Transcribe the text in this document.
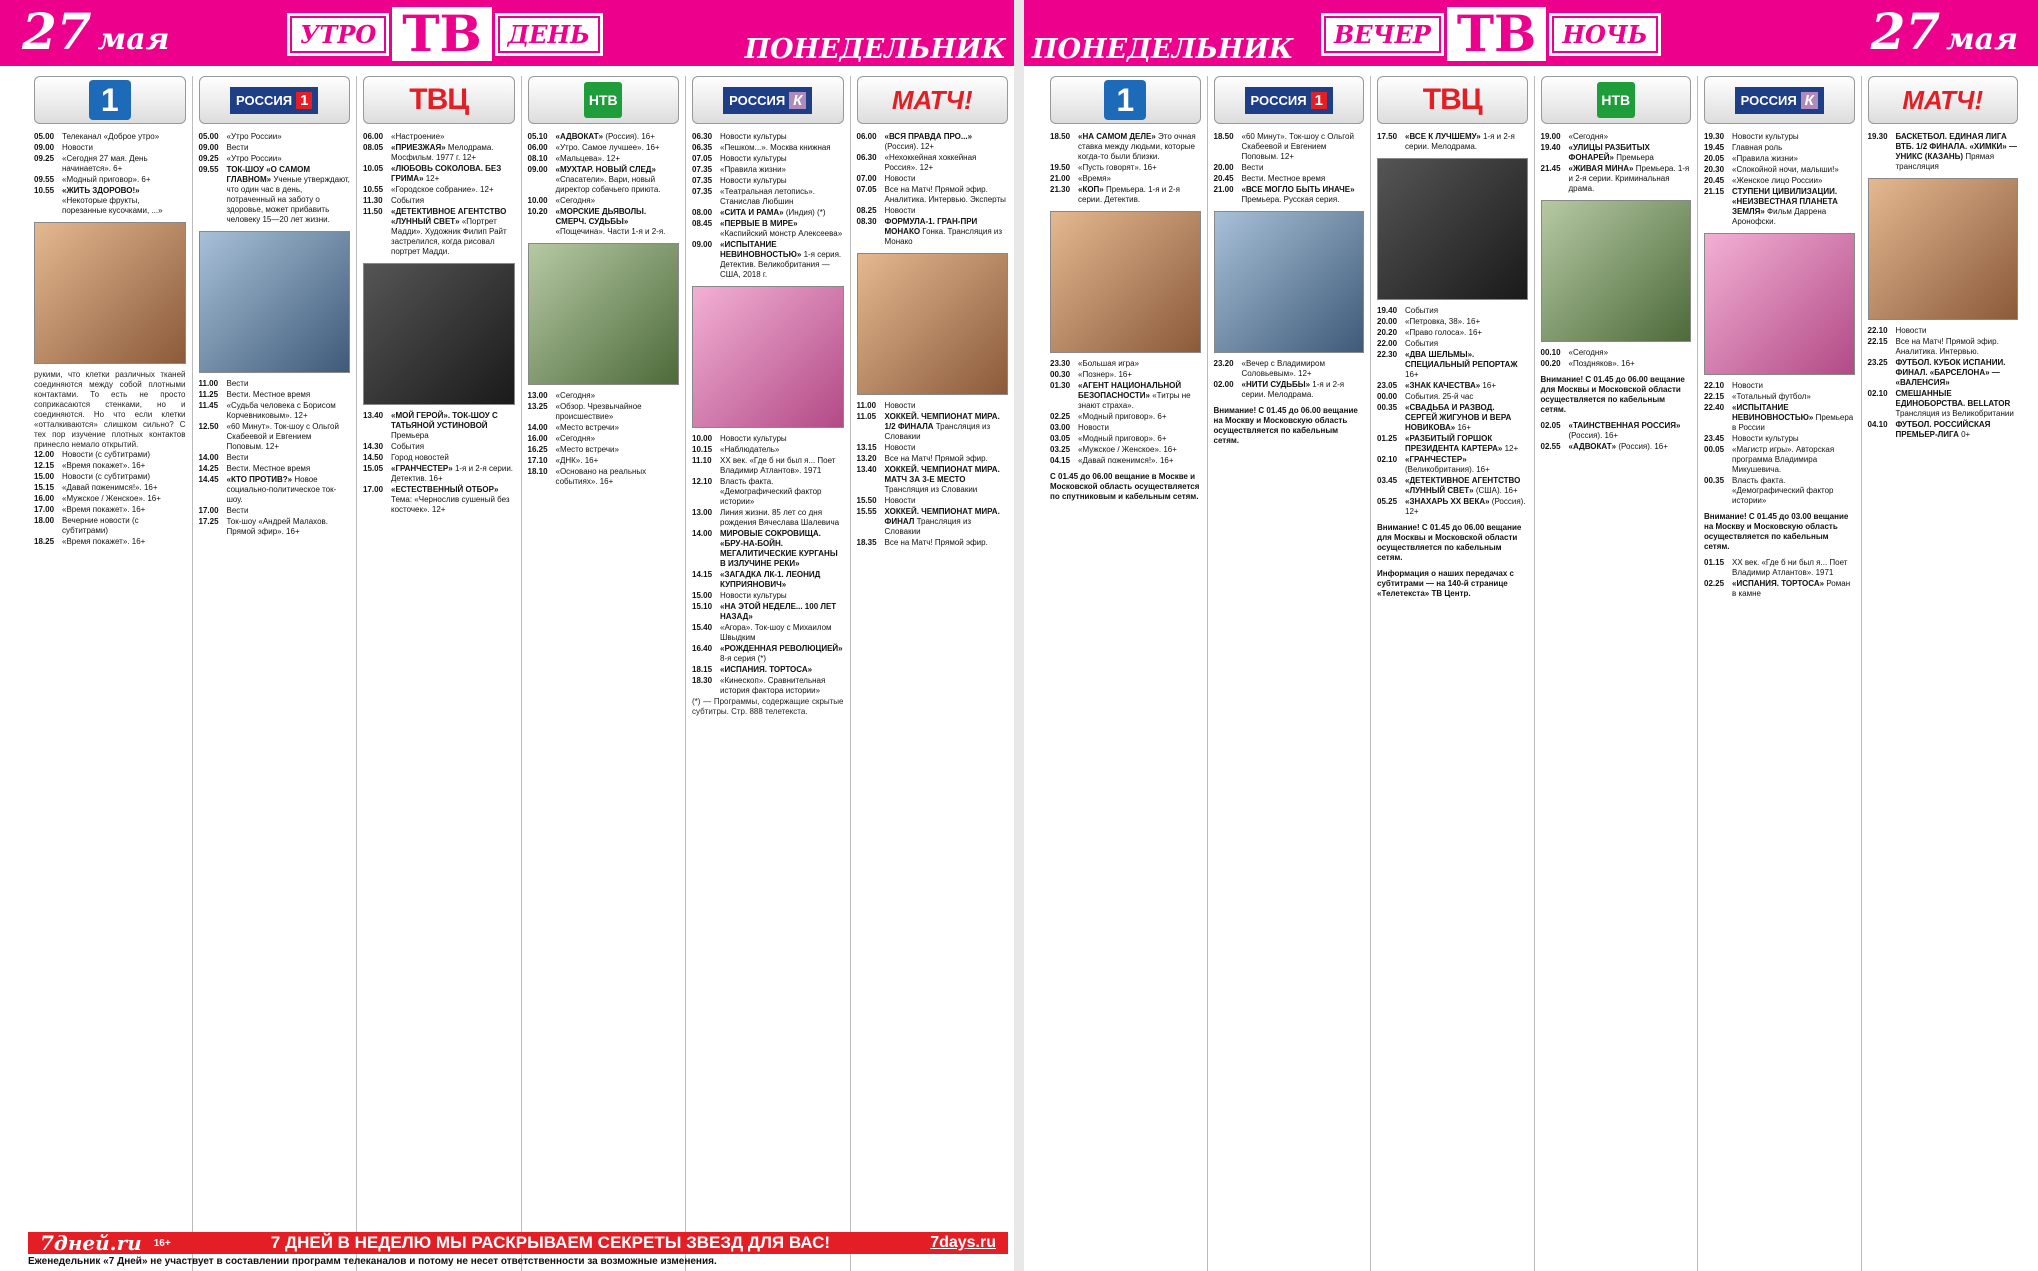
27 мая	УТРО ТВ	ДЕНЬ	ПОНЕДЕЛЬНИК
1
05.00 Телеканал «Доброе утро»
09.00 Новости
09.25 «Сегодня 27 мая. День начинается». 6+
09.55 «Модный приговор». 6+
10.55 «ЖИТЬ ЗДОРОВО!» «Некоторые фрукты, порезанные кусочками, ...»
рукими, что клетки различных тканей соединяются между собой плотными контактами. То есть не просто соприкасаются стенками, но и соединяются. Но что если клетки «отталкиваются» слишком сильно? С тех пор изучение плотных контактов принесло немало открытий.
12.00 Новости (с субтитрами)
12.15 «Время покажет». 16+
15.00 Новости (с субтитрами)
15.15 «Давай поженимся!». 16+
16.00 «Мужское / Женское». 16+
17.00 «Время покажет». 16+
18.00 Вечерние новости (с субтитрами)
18.25 «Время покажет». 16+
РОССИЯ 1
05.00 «Утро России»
09.00 Вести
09.25 «Утро России»
09.55 ТОК-ШОУ «О САМОМ ГЛАВНОМ» Ученые утверждают, что один час в день, потраченный на заботу о здоровье, может прибавить человеку 15—20 лет жизни.
11.00	Вести
11.25	Вести. Местное время
11.45	«Судьба человека с Борисом Корчевниковым». 12+
12.50 «60 Минут». Ток-шоу с Ольгой Скабеевой и Евгением Поповым. 12+
14.00 Вести
14.25 Вести. Местное время
14.45 «КТО ПРОТИВ?» Новое социально-политическое ток-шоу.
17.00 Вести
17.25 Ток-шоу «Андрей Малахов. Прямой эфир». 16+
ТВЦ
06.00 «Настроение»
08.05 «ПРИЕЗЖАЯ» Мелодрама. Мосфильм. 1977 г. 12+
10.05 «ЛЮБОВЬ СОКОЛОВА. БЕЗ ГРИМА» 12+
10.55 «Городское собрание». 12+
11.30	События
11.50	«ДЕТЕКТИВНОЕ АГЕНТСТВО «ЛУННЫЙ СВЕТ» «Портрет Мадди». Художник Филип Райт застрелился, когда рисовал портрет Мадди.
13.40 «МОЙ ГЕРОЙ». ТОК-ШОУ С ТАТЬЯНОЙ УСТИНОВОЙ Премьера
14.30 События
14.50 Город новостей
15.05 «ГРАНЧЕСТЕР» 1-я и 2-я серии. Детектив. 16+
17.00 «ЕСТЕСТВЕННЫЙ ОТБОР» Тема: «Чернослив сушеный без косточек». 12+
НТВ
05.10 «АДВОКАТ» (Россия). 16+
06.00 «Утро. Самое лучшее». 16+
08.10 «Мальцева». 12+
09.00 «МУХТАР. НОВЫЙ СЛЕД» «Спасатели». Вари, новый директор собачьего приюта.
10.00 «Сегодня»
10.20 «МОРСКИЕ ДЬЯВОЛЫ. СМЕРЧ. СУДЬБЫ» «Пощечина». Части 1-я и 2-я.
13.00 «Сегодня»
13.25 «Обзор. Чрезвычайное происшествие»
14.00 «Место встречи»
16.00 «Сегодня»
16.25 «Место встречи»
17.10 «ДНК». 16+
18.10 «Основано на реальных событиях». 16+
РОССИЯ К
06.30 Новости культуры
06.35 «Пешком...». Москва книжная
07.05 Новости культуры
07.35 «Правила жизни»
07.35 Новости культуры
07.35 «Театральная летопись». Станислав Любшин
08.00 «СИТА И РАМА» (Индия) (*)
08.45 «ПЕРВЫЕ В МИРЕ» «Каспийский монстр Алексеева»
09.00 «ИСПЫТАНИЕ НЕВИНОВНОСТЬЮ» 1-я серия. Детектив. Великобритания — США, 2018 г.
10.00 Новости культуры
10.15 «Наблюдатель»
11.10	ХХ век. «Где б ни был я... Поет Владимир Атлантов». 1971
12.10 Власть факта. «Демографический фактор истории»
13.00 Линия жизни. 85 лет со дня рождения Вячеслава Шалевича
14.00 МИРОВЫЕ СОКРОВИЩА. «БРУ-НА-БОЙН. МЕГАЛИТИЧЕСКИЕ КУРГАНЫ В ИЗЛУЧИНЕ РЕКИ»
14.15 «ЗАГАДКА ЛК-1. ЛЕОНИД КУПРИЯНОВИЧ»
15.00 Новости культуры
15.10 «НА ЭТОЙ НЕДЕЛЕ... 100 ЛЕТ НАЗАД»
15.40 «Агора». Ток-шоу с Михаилом Швыдким
16.40 «РОЖДЕННАЯ РЕВОЛЮЦИЕЙ» 8-я серия (*)
18.15 «ИСПАНИЯ. ТОРТОСА»
18.30 «Кинескоп». Сравнительная история фактора истории»
(*) — Программы, содержащие скрытые субтитры. Стр. 888 телетекста.
МАТЧ!
06.00 «ВСЯ ПРАВДА ПРО...» (Россия). 12+
06.30 «Нехоккейная хоккейная Россия». 12+
07.00 Новости
07.05 Все на Матч! Прямой эфир. Аналитика. Интервью. Эксперты
08.25 Новости
08.30 ФОРМУЛА-1. ГРАН-ПРИ МОНАКО Гонка. Трансляция из Монако
11.00	Новости
11.05	ХОККЕЙ. ЧЕМПИОНАТ МИРА. 1/2 ФИНАЛА Трансляция из Словакии
13.15 Новости
13.20 Все на Матч! Прямой эфир.
13.40 ХОККЕЙ. ЧЕМПИОНАТ МИРА. МАТЧ ЗА 3-Е МЕСТО Трансляция из Словакии
15.50 Новости
15.55 ХОККЕЙ. ЧЕМПИОНАТ МИРА. ФИНАЛ Трансляция из Словакии
18.35 Все на Матч! Прямой эфир.
7дней.ru	16+	7 ДНЕЙ В НЕДЕЛЮ МЫ РАСКРЫВАЕМ СЕКРЕТЫ ЗВЕЗД ДЛЯ ВАС!	7days.ru
Еженедельник «7 Дней» не участвует в составлении программ телеканалов и потому не несет ответственности за возможные изменения.
ПОНЕДЕЛЬНИК	ВЕЧЕР ТВ	НОЧЬ	27 мая
1
18.50 «НА САМОМ ДЕЛЕ» Это очная ставка между людьми, которые когда-то были близки.
19.50 «Пусть говорят». 16+
21.00 «Время»
21.30 «КОП» Премьера. 1-я и 2-я серии. Детектив.
23.30 «Большая игра»
00.30 «Познер». 16+
01.30 «АГЕНТ НАЦИОНАЛЬНОЙ БЕЗОПАСНОСТИ» «Титры не знают страха».
02.25 «Модный приговор». 6+
03.00 Новости
03.05 «Модный приговор». 6+
03.25 «Мужское / Женское». 16+
04.15 «Давай поженимся!». 16+
С 01.45 до 06.00 вещание в Москве и Московской область осуществляется по спутниковым и кабельным сетям.
РОССИЯ 1
18.50 «60 Минут». Ток-шоу с Ольгой Скабеевой и Евгением Поповым. 12+
20.00 Вести
20.45 Вести. Местное время
21.00 «ВСЕ МОГЛО БЫТЬ ИНАЧЕ» Премьера. Русская серия.
23.20 «Вечер с Владимиром Соловьевым». 12+
02.00 «НИТИ СУДЬБЫ» 1-я и 2-я серии. Мелодрама.
Внимание! С 01.45 до 06.00 вещание на Москву и Московскую область осуществляется по кабельным сетям.
ТВЦ
17.50 «ВСЕ К ЛУЧШЕМУ» 1-я и 2-я серии. Мелодрама.
19.40 События
20.00 «Петровка, 38». 16+
20.20 «Право голоса». 16+
22.00 События
22.30 «ДВА ШЕЛЬМЫ». СПЕЦИАЛЬНЫЙ РЕПОРТАЖ 16+
23.05 «ЗНАК КАЧЕСТВА» 16+
00.00 События. 25-й час
00.35 «СВАДЬБА И РАЗВОД. СЕРГЕЙ ЖИГУНОВ И ВЕРА НОВИКОВА» 16+
01.25 «РАЗБИТЫЙ ГОРШОК ПРЕЗИДЕНТА КАРТЕРА» 12+
02.10 «ГРАНЧЕСТЕР» (Великобритания). 16+
03.45 «ДЕТЕКТИВНОЕ АГЕНТСТВО «ЛУННЫЙ СВЕТ» (США). 16+
05.25 «ЗНАХАРЬ ХХ ВЕКА» (Россия). 12+
Внимание! С 01.45 до 06.00 вещание для Москвы и Московской области осуществляется по кабельным сетям.
Информация о наших передачах с субтитрами — на 140-й странице «Телетекста» ТВ Центр.
НТВ
19.00 «Сегодня»
19.40 «УЛИЦЫ РАЗБИТЫХ ФОНАРЕЙ» Премьера
21.45 «ЖИВАЯ МИНА» Премьера. 1-я и 2-я серии. Криминальная драма.
00.10 «Сегодня»
00.20 «Поздняков». 16+
Внимание! С 01.45 до 06.00 вещание для Москвы и Московской области осуществляется по кабельным сетям.
02.05 «ТАИНСТВЕННАЯ РОССИЯ» (Россия). 16+
02.55 «АДВОКАТ» (Россия). 16+
РОССИЯ К
19.30 Новости культуры
19.45 Главная роль
20.05 «Правила жизни»
20.30 «Спокойной ночи, малыши!»
20.45 «Женское лицо России»
21.15 СТУПЕНИ ЦИВИЛИЗАЦИИ. «НЕИЗВЕСТНАЯ ПЛАНЕТА ЗЕМЛЯ» Фильм Дарренa Аронофски.
22.10 Новости
22.15 «Тотальный футбол»
22.40 «ИСПЫТАНИЕ НЕВИНОВНОСТЬЮ» Премьера в России
23.45 Новости культуры
00.05 «Магистр игры». Авторская программа Владимира Микушевича.
00.35 Власть факта. «Демографический фактор истории»
Внимание! С 01.45 до 03.00 вещание на Москву и Московскую область осуществляется по кабельным сетям.
01.15 ХХ век. «Где б ни был я... Поет Владимир Атлантов». 1971
02.25 «ИСПАНИЯ. ТОРТОСА» Роман в камне
МАТЧ!
19.30 БАСКЕТБОЛ. ЕДИНАЯ ЛИГА ВТБ. 1/2 ФИНАЛА. «ХИМКИ» — УНИКС (КАЗАНЬ) Прямая трансляция
22.10 Новости
22.15 Все на Матч! Прямой эфир. Аналитика. Интервью.
23.25 ФУТБОЛ. КУБОК ИСПАНИИ. ФИНАЛ. «БАРСЕЛОНА» — «ВАЛЕНСИЯ»
02.10 СМЕШАННЫЕ ЕДИНОБОРСТВА. BELLATOR Трансляция из Великобритании
04.10 ФУТБОЛ. РОССИЙСКАЯ ПРЕМЬЕР-ЛИГА 0+
